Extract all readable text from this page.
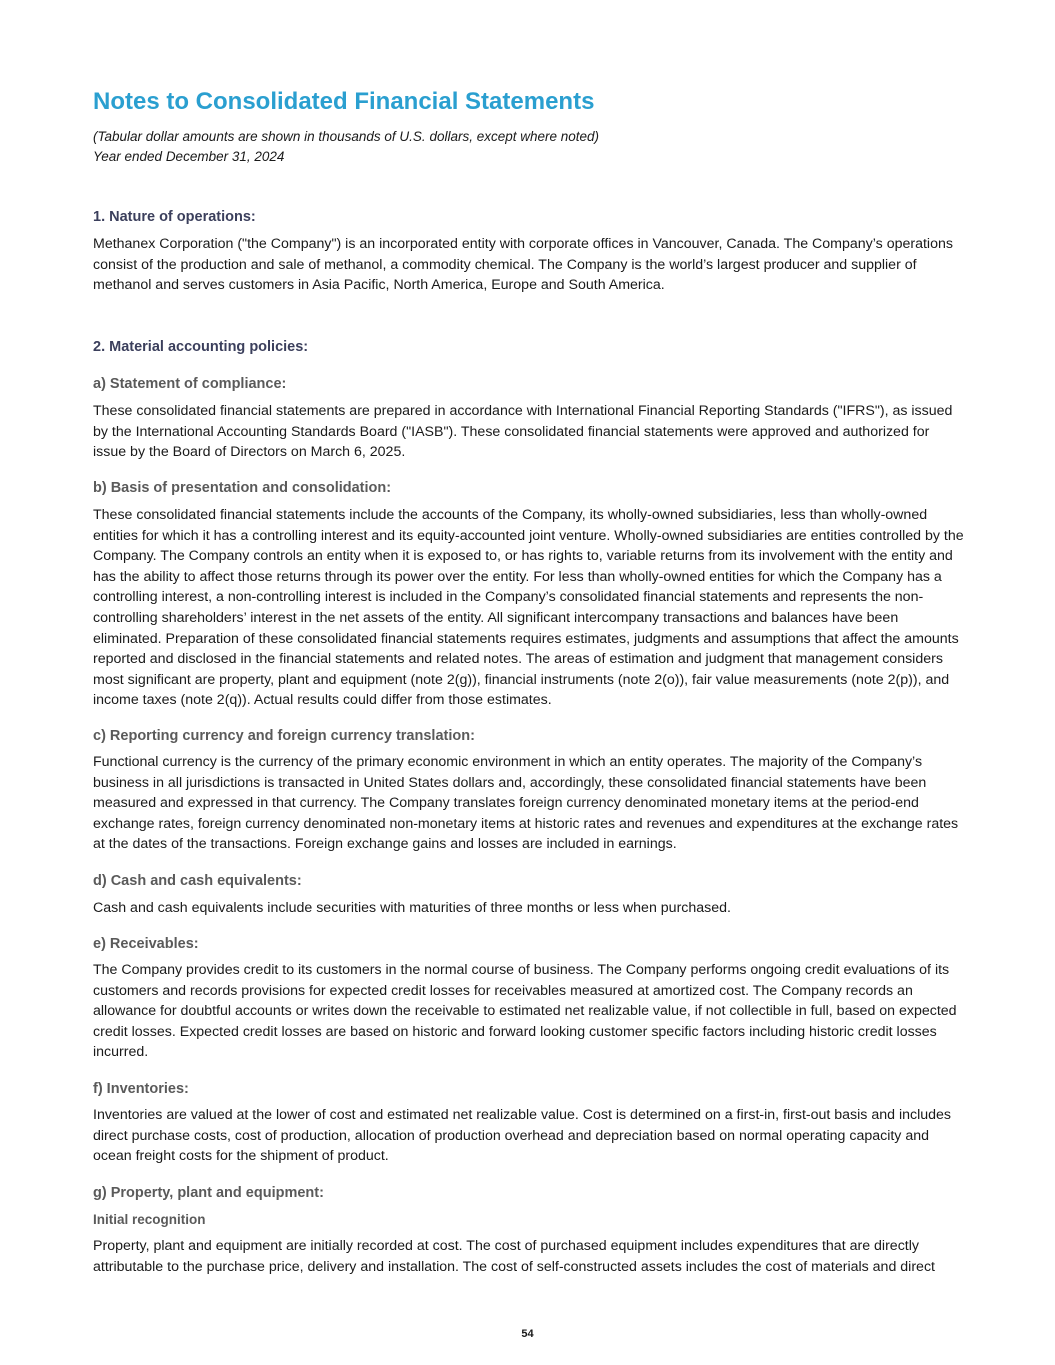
Notes to Consolidated Financial Statements

(Tabular dollar amounts are shown in thousands of U.S. dollars, except where noted)

Year ended December 31, 2024

1. Nature of operations:

Methanex Corporation ("the Company") is an incorporated entity with corporate offices in Vancouver, Canada. The Company’s operations consist of the production and sale of methanol, a commodity chemical. The Company is the world’s largest producer and supplier of methanol and serves customers in Asia Pacific, North America, Europe and South America.

2. Material accounting policies:
a) Statement of compliance:

These consolidated financial statements are prepared in accordance with International Financial Reporting Standards ("IFRS"), as issued by the International Accounting Standards Board ("IASB"). These consolidated financial statements were approved and authorized for issue by the Board of Directors on March 6, 2025.

b) Basis of presentation and consolidation:

These consolidated financial statements include the accounts of the Company, its wholly-owned subsidiaries, less than wholly-owned entities for which it has a controlling interest and its equity-accounted joint venture. Wholly-owned subsidiaries are entities controlled by the Company. The Company controls an entity when it is exposed to, or has rights to, variable returns from its involvement with the entity and has the ability to affect those returns through its power over the entity. For less than wholly-owned entities for which the Company has a controlling interest, a non-controlling interest is included in the Company’s consolidated financial statements and represents the non-controlling shareholders’ interest in the net assets of the entity. All significant intercompany transactions and balances have been eliminated. Preparation of these consolidated financial statements requires estimates, judgments and assumptions that affect the amounts reported and disclosed in the financial statements and related notes. The areas of estimation and judgment that management considers most significant are property, plant and equipment (note 2(g)), financial instruments (note 2(o)), fair value measurements (note 2(p)), and income taxes (note 2(q)). Actual results could differ from those estimates.

c) Reporting currency and foreign currency translation:

Functional currency is the currency of the primary economic environment in which an entity operates. The majority of the Company’s business in all jurisdictions is transacted in United States dollars and, accordingly, these consolidated financial statements have been measured and expressed in that currency. The Company translates foreign currency denominated monetary items at the period-end exchange rates, foreign currency denominated non-monetary items at historic rates and revenues and expenditures at the exchange rates at the dates of the transactions. Foreign exchange gains and losses are included in earnings.

d) Cash and cash equivalents:

Cash and cash equivalents include securities with maturities of three months or less when purchased.

e) Receivables:

The Company provides credit to its customers in the normal course of business. The Company performs ongoing credit evaluations of its customers and records provisions for expected credit losses for receivables measured at amortized cost. The Company records an allowance for doubtful accounts or writes down the receivable to estimated net realizable value, if not collectible in full, based on expected credit losses. Expected credit losses are based on historic and forward looking customer specific factors including historic credit losses incurred.

f) Inventories:

Inventories are valued at the lower of cost and estimated net realizable value. Cost is determined on a first-in, first-out basis and includes direct purchase costs, cost of production, allocation of production overhead and depreciation based on normal operating capacity and ocean freight costs for the shipment of product.

g) Property, plant and equipment:
Initial recognition

Property, plant and equipment are initially recorded at cost. The cost of purchased equipment includes expenditures that are directly attributable to the purchase price, delivery and installation. The cost of self-constructed assets includes the cost of materials and direct

54
